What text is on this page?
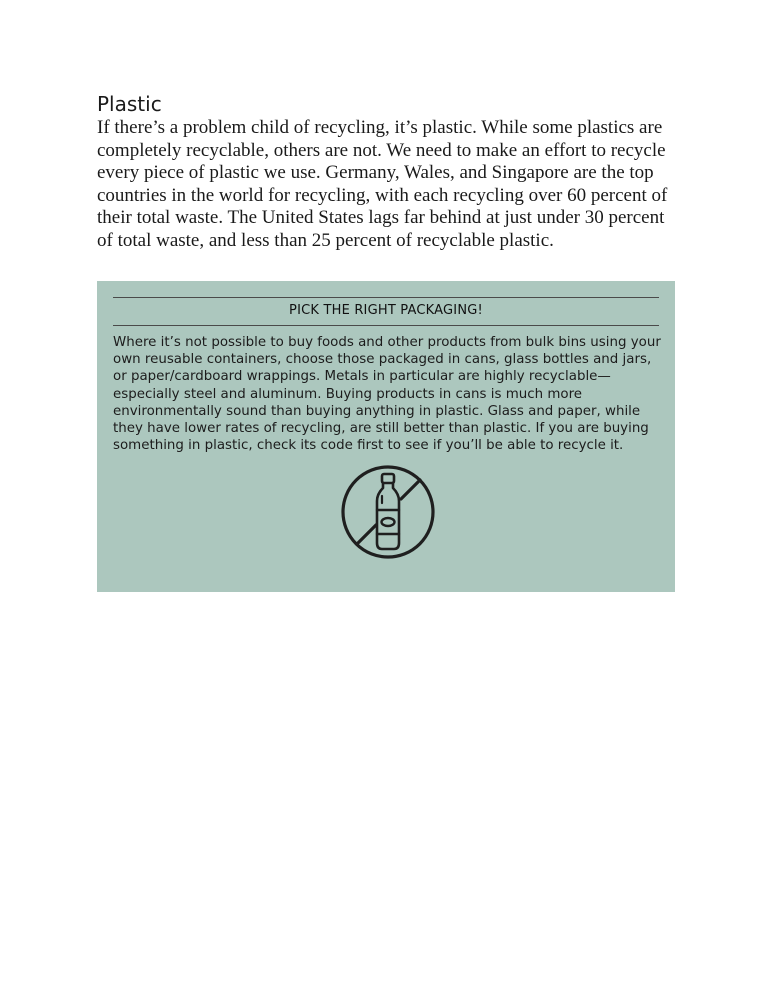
Plastic

If there’s a problem child of recycling, it’s plastic. While some plastics are completely recyclable, others are not. We need to make an effort to recycle every piece of plastic we use. Germany, Wales, and Singapore are the top countries in the world for recycling, with each recycling over 60 percent of their total waste. The United States lags far behind at just under 30 percent of total waste, and less than 25 percent of recyclable plastic.

PICK THE RIGHT PACKAGING!

Where it’s not possible to buy foods and other products from bulk bins using your own reusable containers, choose those packaged in cans, glass bottles and jars, or paper/cardboard wrappings. Metals in particular are highly recyclable—especially steel and aluminum. Buying products in cans is much more environmentally sound than buying anything in plastic. Glass and paper, while they have lower rates of recycling, are still better than plastic. If you are buying something in plastic, check its code first to see if you’ll be able to recycle it.
